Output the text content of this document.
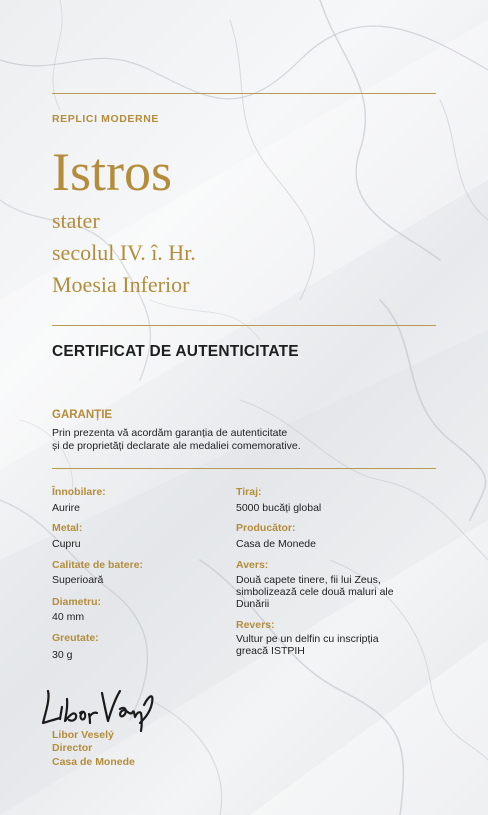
REPLICI MODERNE
Istros
stater
secolul IV. î. Hr.
Moesia Inferior
CERTIFICAT DE AUTENTICITATE
GARANȚIE
Prin prezenta vă acordăm garanția de autenticitate
și de proprietăți declarate ale medaliei comemorative.
Înnobilare:
Aurire
Metal:
Cupru
Calitate de batere:
Superioară
Diametru:
40 mm
Greutate:
30 g
Tiraj:
5000 bucăți global
Producător:
Casa de Monede
Avers:
Două capete tinere, fii lui Zeus,
simbolizează cele două maluri ale
Dunării
Revers:
Vultur pe un delfin cu inscripția
greacă ISTPIH
Libor Veselý
Director
Casa de Monede
